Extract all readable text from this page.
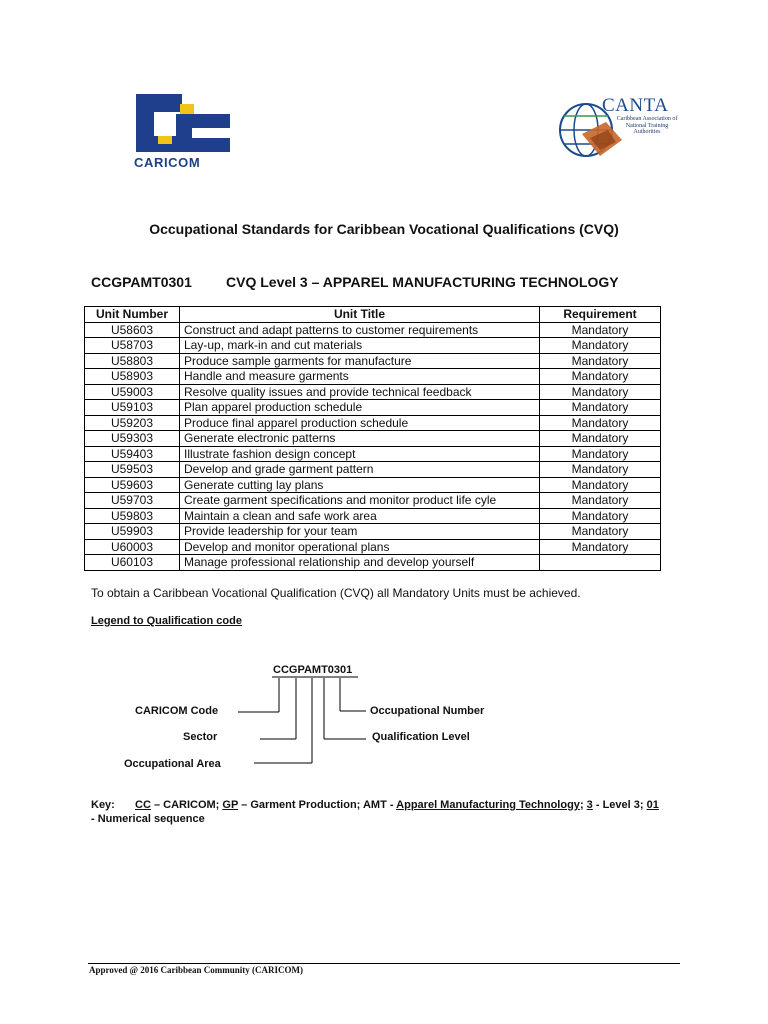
CARICOM
CANTA
Caribbean Association of National Training Authorities
Occupational Standards for Caribbean Vocational Qualifications (CVQ)
CCGPAMT0301 CVQ Level 3 – APPAREL MANUFACTURING TECHNOLOGY
Unit Number	Unit Title	Requirement
U58603	Construct and adapt patterns to customer requirements	Mandatory
U58703	Lay-up, mark-in and cut materials	Mandatory
U58803	Produce sample garments for manufacture	Mandatory
U58903	Handle and measure garments	Mandatory
U59003	Resolve quality issues and provide technical feedback	Mandatory
U59103	Plan apparel production schedule	Mandatory
U59203	Produce final apparel production schedule	Mandatory
U59303	Generate electronic patterns	Mandatory
U59403	Illustrate fashion design concept	Mandatory
U59503	Develop and grade garment pattern	Mandatory
U59603	Generate cutting lay plans	Mandatory
U59703	Create garment specifications and monitor product life cyle	Mandatory
U59803	Maintain a clean and safe work area	Mandatory
U59903	Provide leadership for your team	Mandatory
U60003	Develop and monitor operational plans	Mandatory
U60103	Manage professional relationship and develop yourself	
To obtain a Caribbean Vocational Qualification (CVQ) all Mandatory Units must be achieved.
Legend to Qualification code
CCGPAMT0301
CARICOM Code
Sector
Occupational Area
Occupational Number
Qualification Level
Key: CC – CARICOM; GP – Garment Production; AMT - Apparel Manufacturing Technology; 3 - Level 3; 01
- Numerical sequence
Approved @ 2016 Caribbean Community (CARICOM)
